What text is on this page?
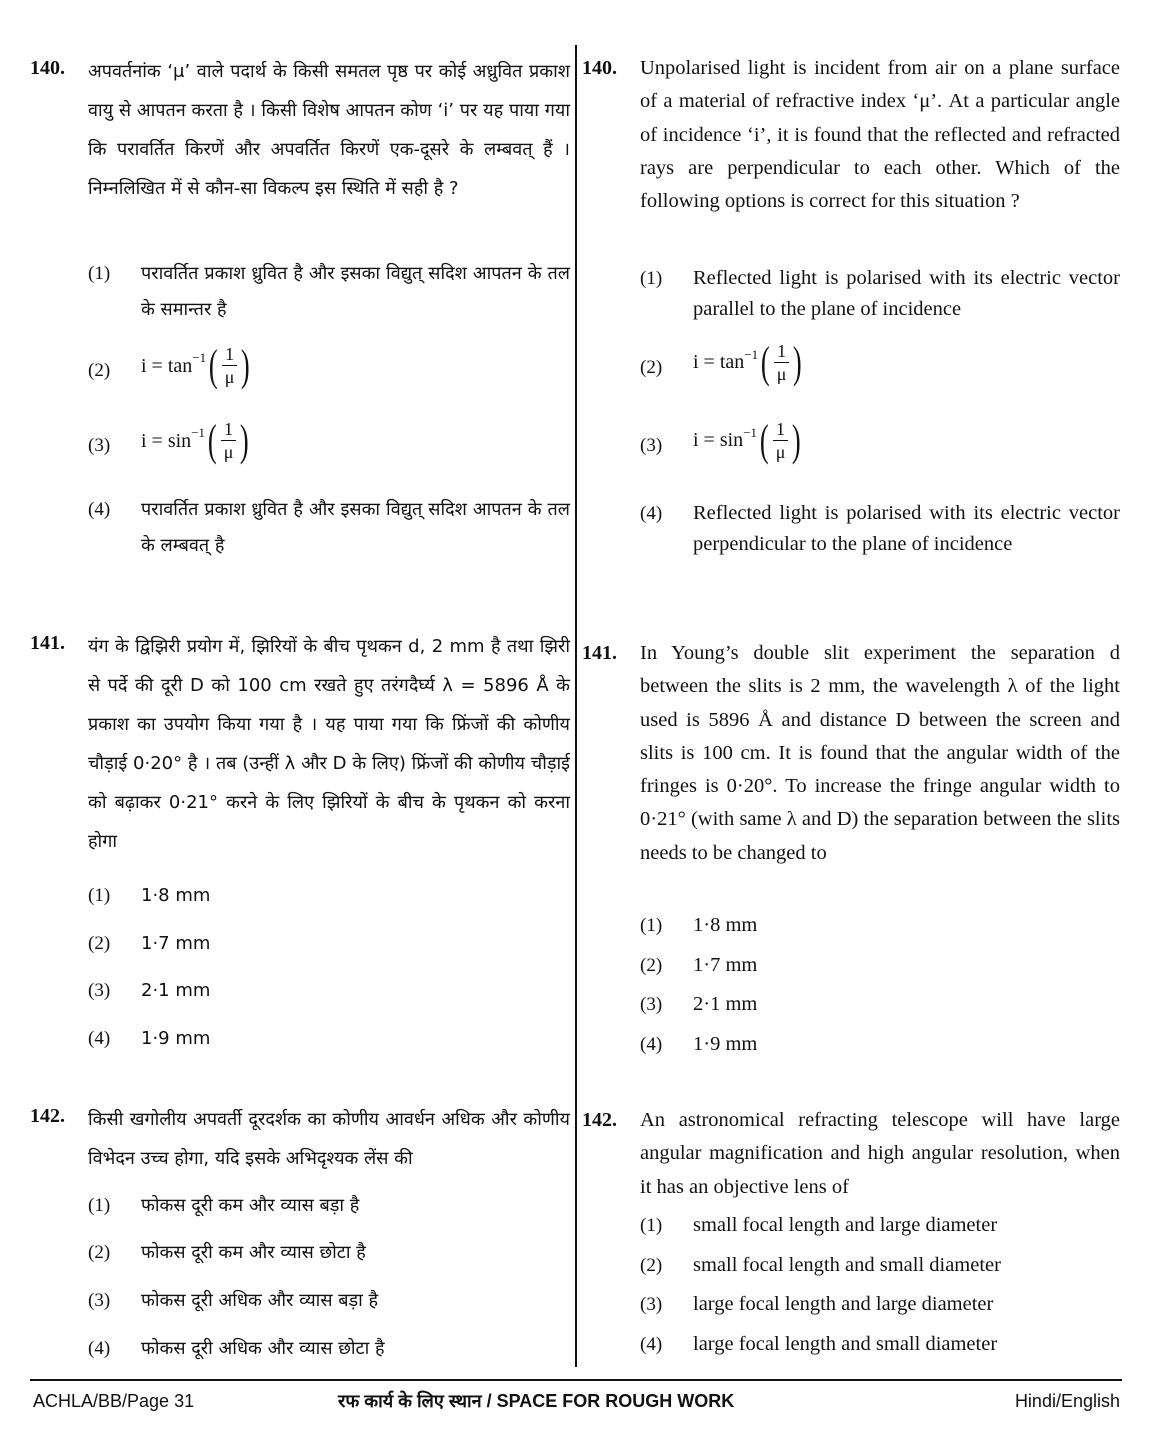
140. अपवर्तनांक ‘μ’ वाले पदार्थ के किसी समतल पृष्ठ पर कोई अध्रुवित प्रकाश वायु से आपतन करता है । किसी विशेष आपतन कोण ‘i’ पर यह पाया गया कि परावर्तित किरणें और अपवर्तित किरणें एक-दूसरे के लम्बवत् हैं । निम्नलिखित में से कौन-सा विकल्प इस स्थिति में सही है ?
(1) परावर्तित प्रकाश ध्रुवित है और इसका विद्युत् सदिश आपतन के तल के समान्तर है
(2) $i = \tan^{-1}$ ( $\frac{1}{\mu}$ )
(3) $i = \sin^{-1}$ ( $\frac{1}{\mu}$ )
(4) परावर्तित प्रकाश ध्रुवित है और इसका विद्युत् सदिश आपतन के तल के लम्बवत् है
141. यंग के द्विझिरी प्रयोग में, झिरियों के बीच पृथकन d, 2 mm है तथा झिरी से पर्दे की दूरी D को 100 cm रखते हुए तरंगदैर्घ्य λ = 5896 Å के प्रकाश का उपयोग किया गया है । यह पाया गया कि फ्रिंजों की कोणीय चौड़ाई 0·20° है । तब (उन्हीं λ और D के लिए) फ्रिंजों की कोणीय चौड़ाई को बढ़ाकर 0·21° करने के लिए झिरियों के बीच के पृथकन को करना होगा
(1) 1·8 mm
(2) 1·7 mm
(3) 2·1 mm
(4) 1·9 mm
142. किसी खगोलीय अपवर्ती दूरदर्शक का कोणीय आवर्धन अधिक और कोणीय विभेदन उच्च होगा, यदि इसके अभिदृश्यक लेंस की
(1) फोकस दूरी कम और व्यास बड़ा है
(2) फोकस दूरी कम और व्यास छोटा है
(3) फोकस दूरी अधिक और व्यास बड़ा है
(4) फोकस दूरी अधिक और व्यास छोटा है
140. Unpolarised light is incident from air on a plane surface of a material of refractive index ‘μ’. At a particular angle of incidence ‘i’, it is found that the reflected and refracted rays are perpendicular to each other. Which of the following options is correct for this situation ?
(1) Reflected light is polarised with its electric vector parallel to the plane of incidence
(2) $i = \tan^{-1}$ ( $\frac{1}{\mu}$ )
(3) $i = \sin^{-1}$ ( $\frac{1}{\mu}$ )
(4) Reflected light is polarised with its electric vector perpendicular to the plane of incidence
141. In Young’s double slit experiment the separation d between the slits is 2 mm, the wavelength λ of the light used is 5896 Å and distance D between the screen and slits is 100 cm. It is found that the angular width of the fringes is 0·20°. To increase the fringe angular width to 0·21° (with same λ and D) the separation between the slits needs to be changed to
(1) 1·8 mm
(2) 1·7 mm
(3) 2·1 mm
(4) 1·9 mm
142. An astronomical refracting telescope will have large angular magnification and high angular resolution, when it has an objective lens of
(1) small focal length and large diameter
(2) small focal length and small diameter
(3) large focal length and large diameter
(4) large focal length and small diameter
ACHLA/BB/Page 31	रफ कार्य के लिए स्थान / SPACE FOR ROUGH WORK	Hindi/English
